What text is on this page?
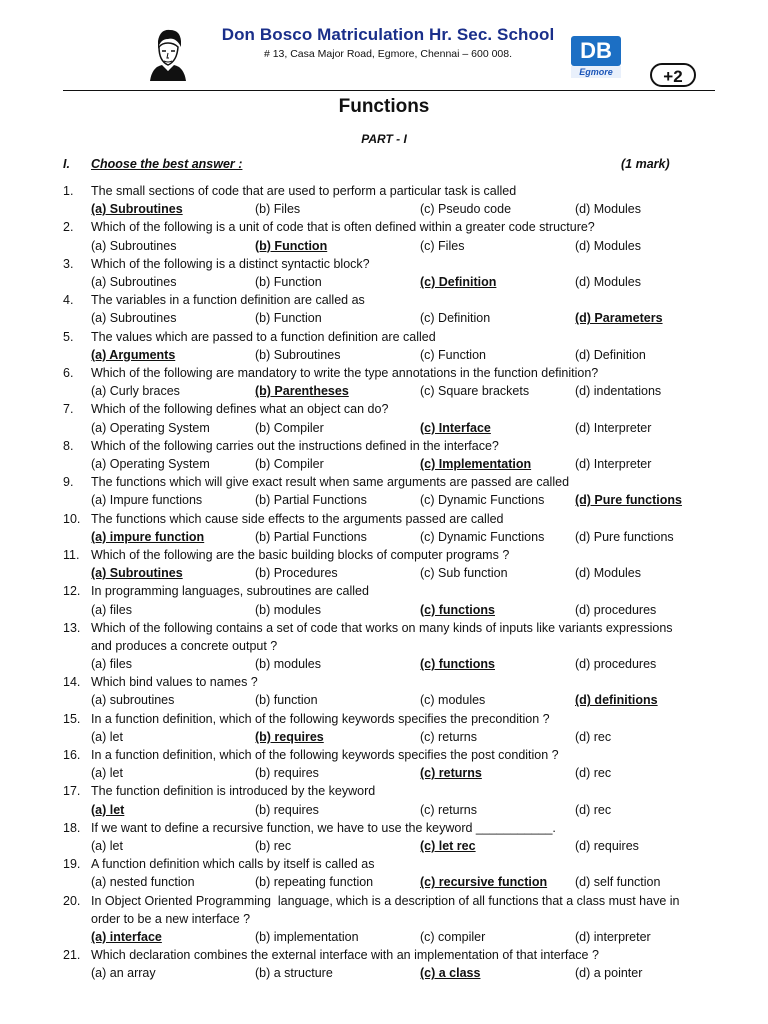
Don Bosco Matriculation Hr. Sec. School
# 13, Casa Major Road, Egmore, Chennai – 600 008.	DB
Egmore	+2
Functions
PART - I
I. Choose the best answer :	(1 mark)
1.	The small sections of code that are used to perform a particular task is called
(a) Subroutines	(b) Files	(c) Pseudo code	(d) Modules
2.	Which of the following is a unit of code that is often defined within a greater code structure?
(a) Subroutines	(b) Function	(c) Files	(d) Modules
3.	Which of the following is a distinct syntactic block?
(a) Subroutines	(b) Function	(c) Definition	(d) Modules
4.	The variables in a function definition are called as
(a) Subroutines	(b) Function	(c) Definition	(d) Parameters
5.	The values which are passed to a function definition are called
(a) Arguments	(b) Subroutines	(c) Function	(d) Definition
6.	Which of the following are mandatory to write the type annotations in the function definition?
(a) Curly braces	(b) Parentheses	(c) Square brackets	(d) indentations
7.	Which of the following defines what an object can do?
(a) Operating System	(b) Compiler	(c) Interface	(d) Interpreter
8.	Which of the following carries out the instructions defined in the interface?
(a) Operating System	(b) Compiler	(c) Implementation	(d) Interpreter
9.	The functions which will give exact result when same arguments are passed are called
(a) Impure functions	(b) Partial Functions	(c) Dynamic Functions (d) Pure functions
10. The functions which cause side effects to the arguments passed are called
(a) impure function	(b) Partial Functions	(c) Dynamic Functions (d) Pure functions
11. Which of the following are the basic building blocks of computer programs ?
(a) Subroutines	(b) Procedures	(c) Sub function	(d) Modules
12. In programming languages, subroutines are called
(a) files	(b) modules	(c) functions	(d) procedures
13. Which of the following contains a set of code that works on many kinds of inputs like variants expressions
and produces a concrete output ?
(a) files	(b) modules	(c) functions	(d) procedures
14. Which bind values to names ?
(a) subroutines	(b) function	(c) modules	(d) definitions
15. In a function definition, which of the following keywords specifies the precondition ?
(a) let	(b) requires	(c) returns	(d) rec
16. In a function definition, which of the following keywords specifies the post condition ?
(a) let	(b) requires	(c) returns	(d) rec
17. The function definition is introduced by the keyword
(a) let	(b) requires	(c) returns	(d) rec
18. If we want to define a recursive function, we have to use the keyword ___________.
(a) let	(b) rec	(c) let rec	(d) requires
19. A function definition which calls by itself is called as
(a) nested function	(b) repeating function	(c) recursive function (d) self function
20. In Object Oriented Programming  language, which is a description of all functions that a class must have in
order to be a new interface ?
(a) interface	(b) implementation	(c) compiler	(d) interpreter
21. Which declaration combines the external interface with an implementation of that interface ?
(a) an array	(b) a structure	(c) a class	(d) a pointer
